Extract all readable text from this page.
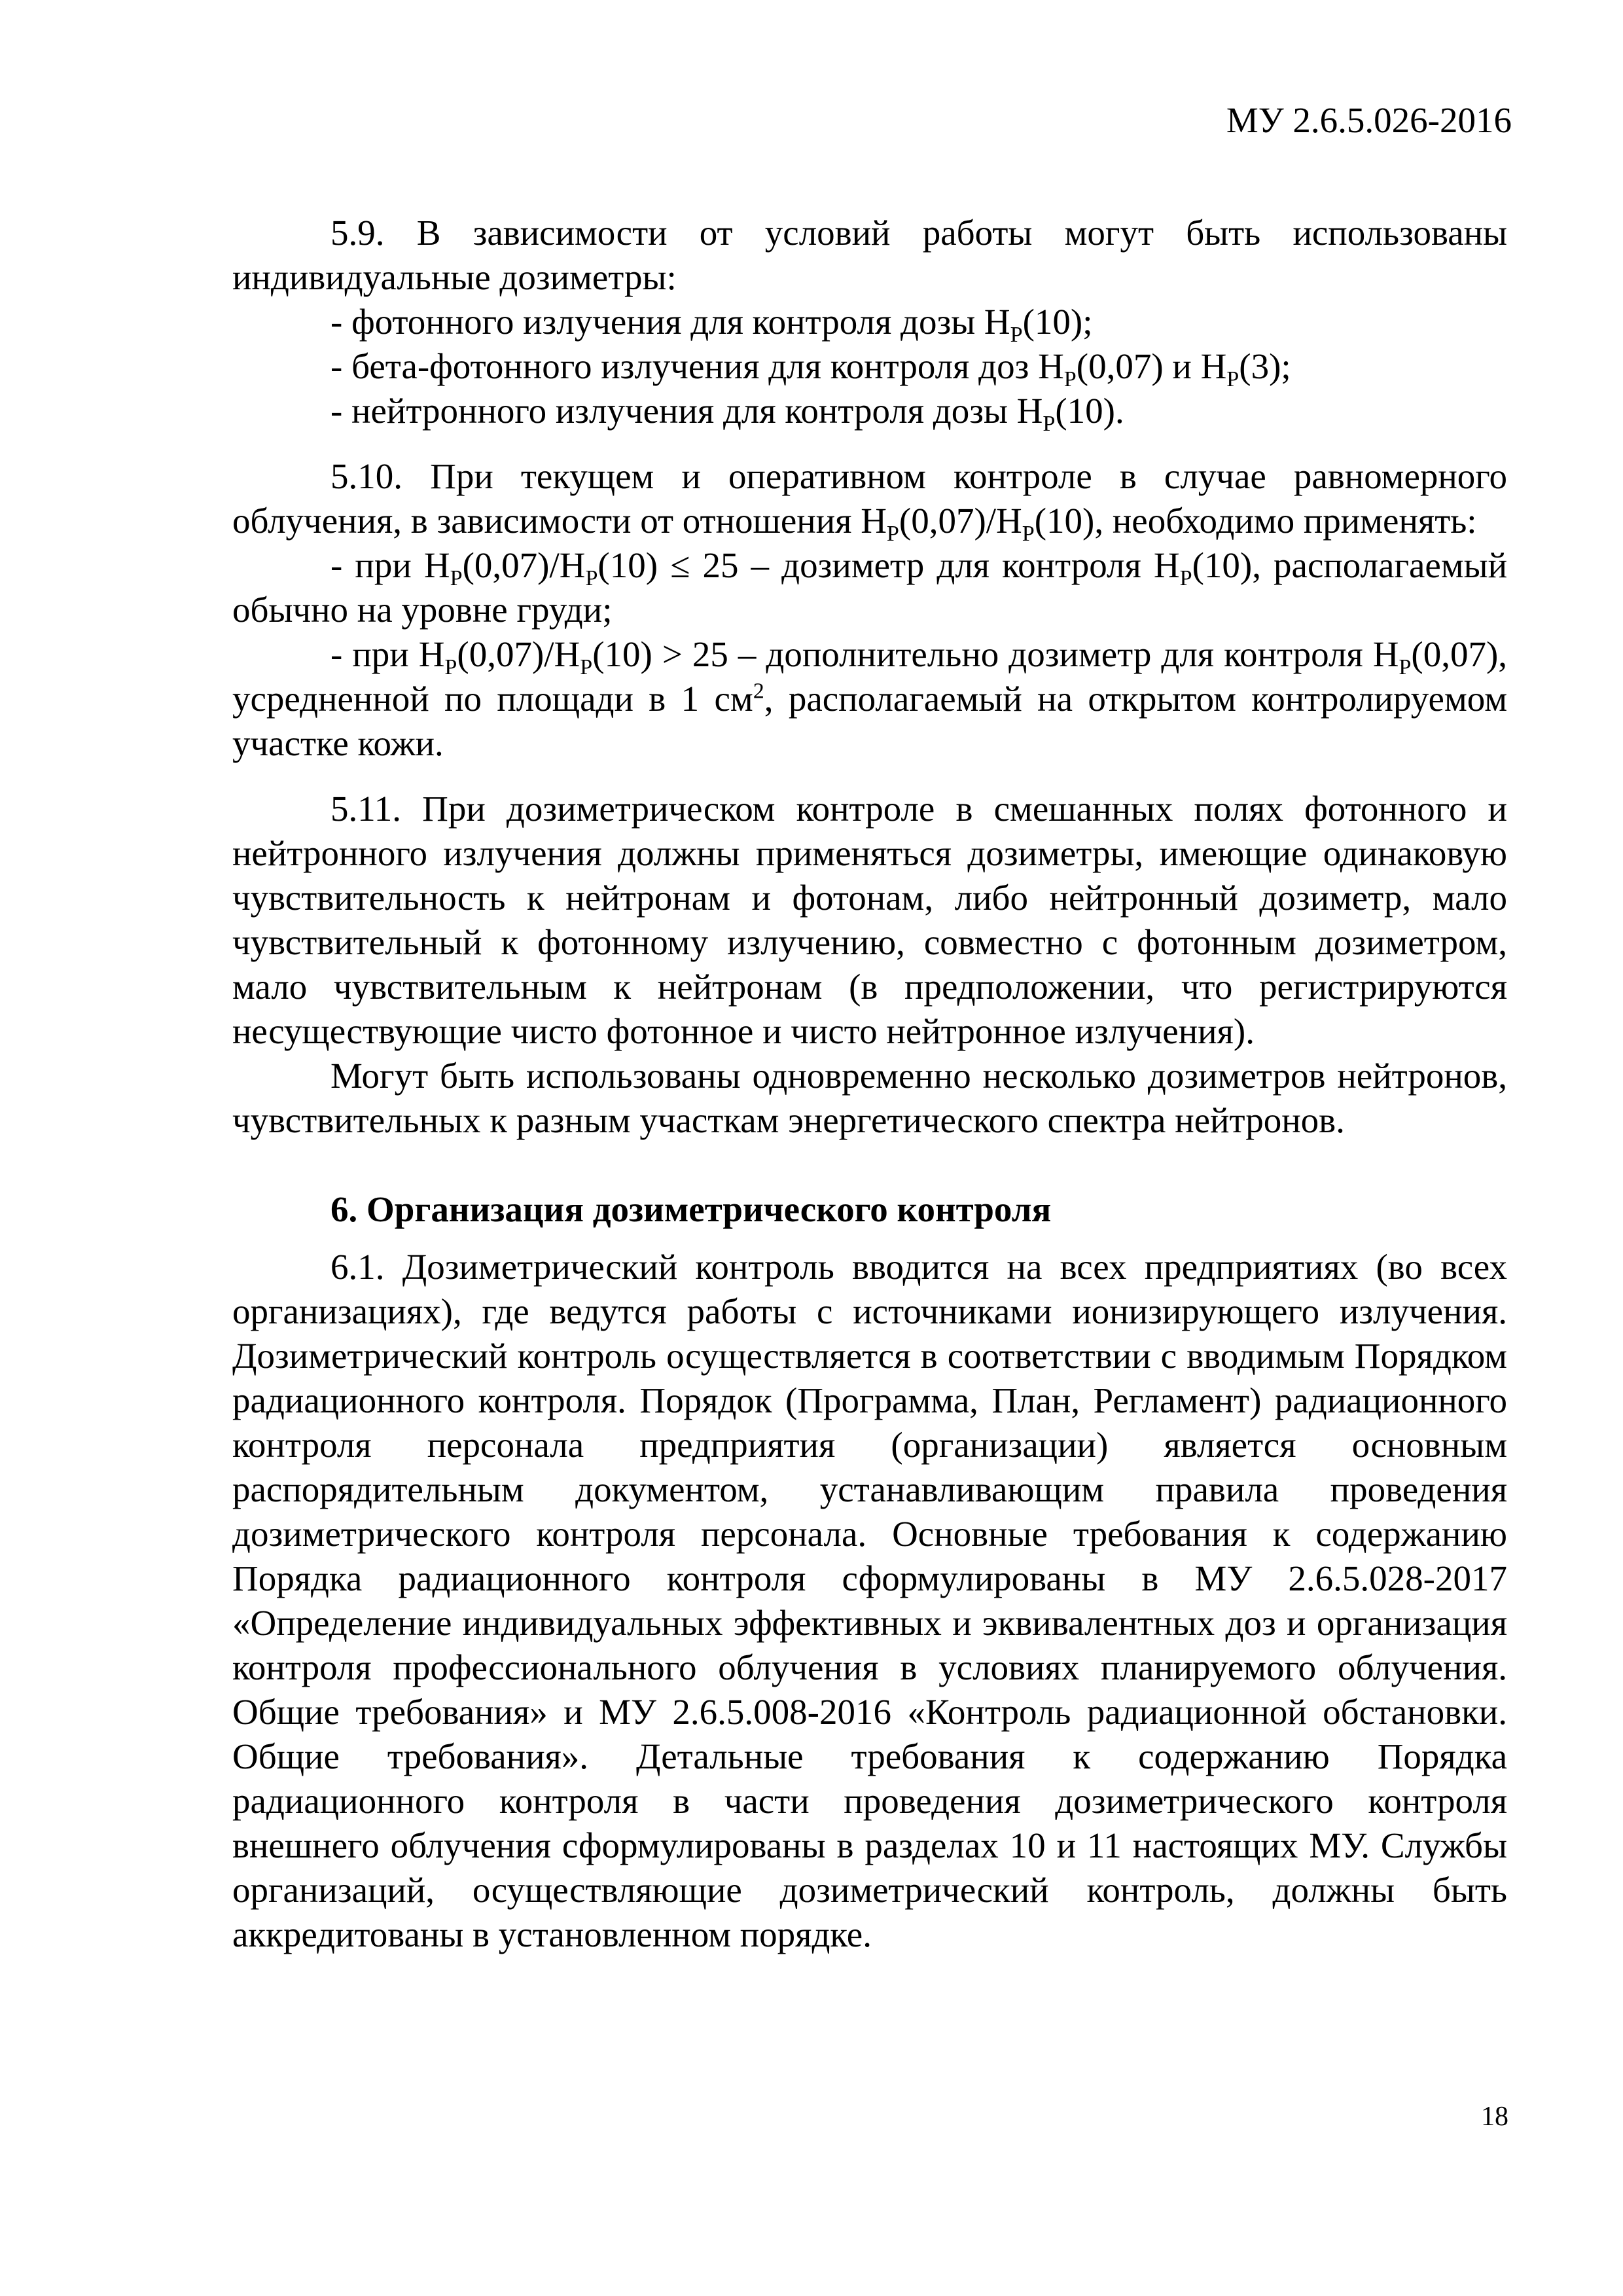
МУ 2.6.5.026-2016

5.9. В зависимости от условий работы могут быть использованы индивидуальные дозиметры:

- фотонного излучения для контроля дозы $H_P(10)$;
- бета-фотонного излучения для контроля доз $H_P(0,07)$ и $H_P(3)$;
- нейтронного излучения для контроля дозы $H_P(10)$.

5.10. При текущем и оперативном контроле в случае равномерного облучения, в зависимости от отношения $H_P(0,07)/H_P(10)$, необходимо применять:

- при $H_P(0,07)/H_P(10) \le 25$ – дозиметр для контроля $H_P(10)$, располагаемый обычно на уровне груди;

- при $H_P(0,07)/H_P(10) > 25$ – дополнительно дозиметр для контроля $H_P(0,07)$, усредненной по площади в 1 $см^2$, располагаемый на открытом контролируемом участке кожи.

5.11. При дозиметрическом контроле в смешанных полях фотонного и нейтронного излучения должны применяться дозиметры, имеющие одинаковую чувствительность к нейтронам и фотонам, либо нейтронный дозиметр, мало чувствительный к фотонному излучению, совместно с фотонным дозиметром, мало чувствительным к нейтронам (в предположении, что регистрируются несуществующие чисто фотонное и чисто нейтронное излучения).

Могут быть использованы одновременно несколько дозиметров нейтронов, чувствительных к разным участкам энергетического спектра нейтронов.

6. Организация дозиметрического контроля

6.1. Дозиметрический контроль вводится на всех предприятиях (во всех организациях), где ведутся работы с источниками ионизирующего излучения. Дозиметрический контроль осуществляется в соответствии с вводимым Порядком радиационного контроля. Порядок (Программа, План, Регламент) радиационного контроля персонала предприятия (организации) является основным распорядительным документом, устанавливающим правила проведения дозиметрического контроля персонала. Основные требования к содержанию Порядка радиационного контроля сформулированы в МУ 2.6.5.028-2017 «Определение индивидуальных эффективных и эквивалентных доз и организация контроля профессионального облучения в условиях планируемого облучения. Общие требования» и МУ 2.6.5.008-2016 «Контроль радиационной обстановки. Общие требования». Детальные требования к содержанию Порядка радиационного контроля в части проведения дозиметрического контроля внешнего облучения сформулированы в разделах 10 и 11 настоящих МУ. Службы организаций, осуществляющие дозиметрический контроль, должны быть аккредитованы в установленном порядке.

18
